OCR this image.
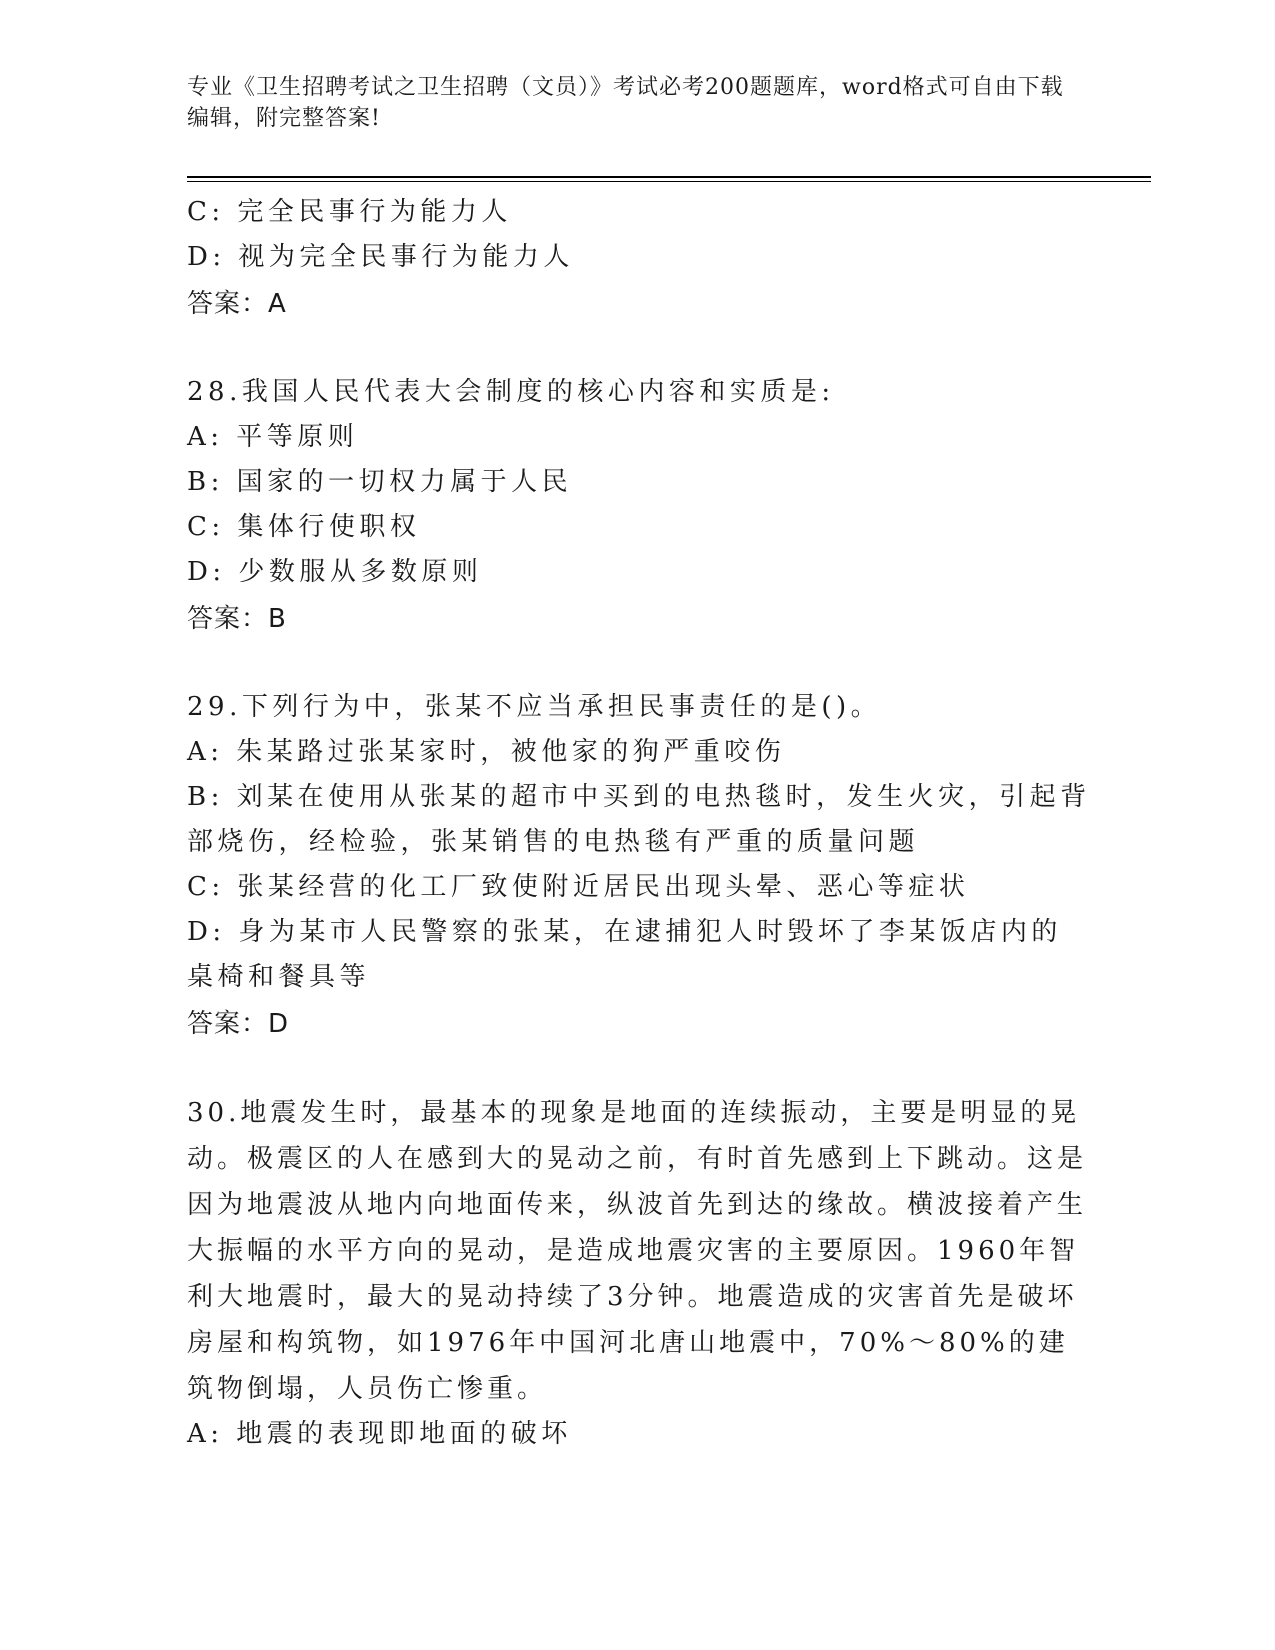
专业《卫生招聘考试之卫生招聘（文员）》考试必考200题题库，word格式可自由下载编辑，附完整答案!

C: 完全民事行为能力人

D: 视为完全民事行为能力人

答案：A

28.我国人民代表大会制度的核心内容和实质是:

A: 平等原则

B: 国家的一切权力属于人民

C: 集体行使职权

D: 少数服从多数原则

答案：B

29.下列行为中，张某不应当承担民事责任的是()。

A: 朱某路过张某家时，被他家的狗严重咬伤

B: 刘某在使用从张某的超市中买到的电热毯时，发生火灾，引起背部烧伤，经检验，张某销售的电热毯有严重的质量问题

C: 张某经营的化工厂致使附近居民出现头晕、恶心等症状

D: 身为某市人民警察的张某，在逮捕犯人时毁坏了李某饭店内的桌椅和餐具等

答案：D

30.地震发生时，最基本的现象是地面的连续振动，主要是明显的晃动。极震区的人在感到大的晃动之前，有时首先感到上下跳动。这是因为地震波从地内向地面传来，纵波首先到达的缘故。横波接着产生大振幅的水平方向的晃动，是造成地震灾害的主要原因。1960年智利大地震时，最大的晃动持续了3分钟。地震造成的灾害首先是破坏房屋和构筑物，如1976年中国河北唐山地震中，70%～80%的建筑物倒塌，人员伤亡惨重。

A: 地震的表现即地面的破坏
